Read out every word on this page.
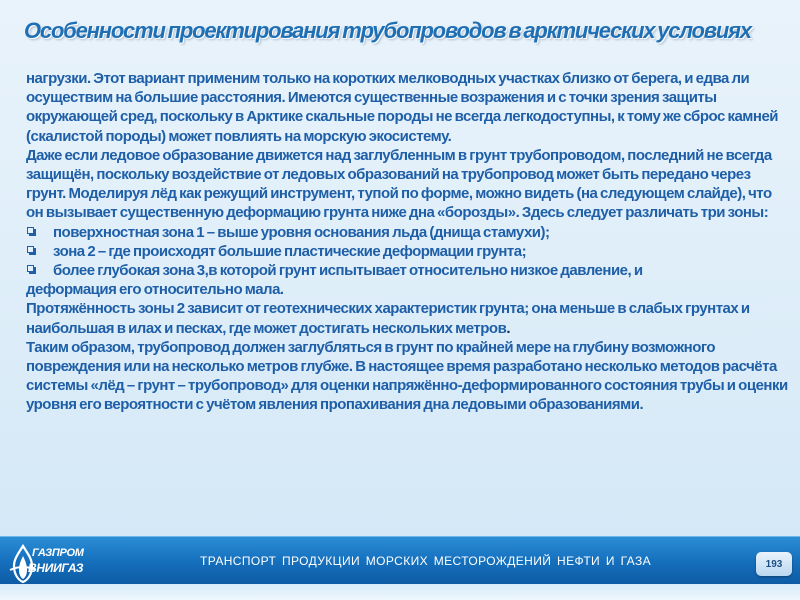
Особенности проектирования трубопроводов в арктических условиях

нагрузки. Этот вариант применим только на коротких мелководных участках близко от берега, и едва ли осуществим на большие расстояния. Имеются существенные возражения и с точки зрения защиты окружающей сред, поскольку в Арктике скальные породы не всегда легкодоступны, к тому же сброс камней (скалистой породы) может повлиять на морскую экосистему.

Даже если ледовое образование движется над заглубленным в грунт трубопроводом, последний не всегда защищён, поскольку воздействие от ледовых образований на трубопровод может быть передано через грунт. Моделируя лёд как режущий инструмент, тупой по форме, можно видеть (на следующем слайде), что он вызывает существенную деформацию грунта ниже дна «борозды». Здесь следует различать три зоны:

поверхностная зона 1 – выше уровня основания льда (днища стамухи);
зона 2 – где происходят большие пластические деформации грунта;
более глубокая зона 3,в которой грунт испытывает относительно низкое давление, и

деформация его относительно мала.

Протяжённость зоны 2 зависит от геотехнических характеристик грунта; она меньше в слабых грунтах и наибольшая в илах и песках, где может достигать нескольких метров.

Таким образом, трубопровод должен заглубляться в грунт по крайней мере на глубину возможного повреждения или на несколько метров глубже. В настоящее время разработано несколько методов расчёта системы «лёд – грунт – трубопровод» для оценки напряжённо-деформированного состояния трубы и оценки уровня его вероятности с учётом явления пропахивания дна ледовыми образованиями.

ГАЗПРОМ
ВНИИГАЗ	ТРАНСПОРТ ПРОДУКЦИИ МОРСКИХ МЕСТОРОЖДЕНИЙ НЕФТИ И ГАЗА	193
